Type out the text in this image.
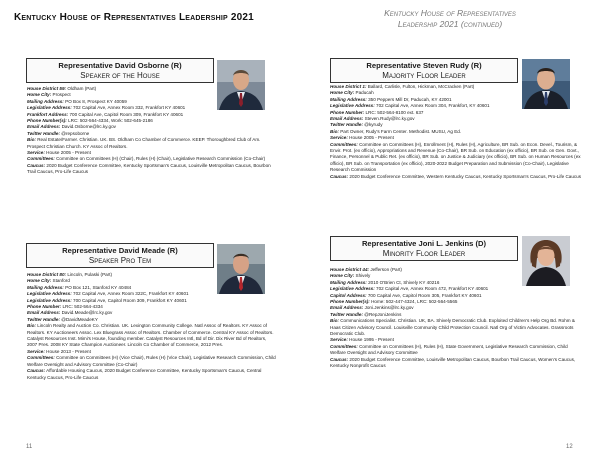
Kentucky House of Representatives Leadership 2021	Kentucky House of Representatives
Leadership 2021 (continued)
Representative David Osborne (R)
Speaker of the House
House District 59: Oldham (Part)
Home City: Prospect
Mailing Address: PO Box 8, Prospect KY 40059
Legislative Address: 702 Capital Ave, Annex Room 332, Frankfort KY 40601
Frankfort Address: 700 Capital Ave, Capitol Room 309, Frankfort KY 40601
Phone Number(s): LRC: 502-564-4334, Work: 502-645-2186
Email Address: David.Osborne@lrc.ky.gov
Twitter Handle: @repsoborne
Bio: Real Estate/Farmer. Christian. UK. BS. Oldham Co Chamber of Commerce. KEEP. Thoroughbred Club of Am. Prospect Christian Church. KY Assoc of Realtors.
Service: House 2005 - Present
Committees: Committee on Committees (H) (Chair), Rules (H) (Chair), Legislative Research Commission (Co-Chair)
Caucus: 2020 Budget Conference Committee, Kentucky Sportsman's Caucus, Louisville Metropolitan Caucus, Bourbon Trail Caucus, Pro-Life Caucus
Representative David Meade (R)
Speaker Pro Tem
House District 80: Lincoln, Pulaski (Part)
Home City: Stanford
Mailing Address: PO Box 121, Stanford KY 40484
Legislative Address: 702 Capital Ave, Annex Room 322C, Frankfort KY 40601
Legislative Address: 700 Capital Ave, Capitol Room 309, Frankfort KY 40601
Phone Number: LRC: 502-564-4334
Email Address: David.Meade@lrc.ky.gov
Twitter Handle: @DavidMeadeKY
Bio: Lincoln Realty and Auction Co. Christian. UK. Lexington Community College. Natl Assoc of Realtors. KY Assoc of Realtors. KY Auctioneers Assoc. Lex Bluegrass Assoc of Realtors. Chamber of Commerce. Central KY Assoc of Realtors. Catalyst Resources Inst. Mimi's House, founding member. Catalyst Resources Intl, Bd of Dir. Dix River Bd of Realtors, 2007 Pres. 2008 KY State Champion Auctioneer. Lincoln Co Chamber of Commerce, 2012 Pres.
Service: House 2013 - Present
Committees: Committee on Committees (H) (Vice Chair), Rules (H) (Vice Chair), Legislative Research Commission, Child Welfare Oversight and Advisory Committee (Co-Chair)
Caucus: Affordable Housing Caucus, 2020 Budget Conference Committee, Kentucky Sportsman's Caucus, Central Kentucky Caucus, Pro-Life Caucus
Representative Steven Rudy (R)
Majority Floor Leader
House District 1: Ballard, Carlisle, Fulton, Hickman, McCracken (Part)
Home City: Paducah
Mailing Address: 350 Peppers Mill Dr, Paducah, KY 42001
Legislative Address: 702 Capital Ave, Annex Room 304, Frankfort, KY 40601
Phone Number: LRC: 502-564-8100 ext. 637
Email Address: Steven.Rudy@lrc.ky.gov
Twitter Handle: @kyrudy
Bio: Part Owner, Rudy's Farm Center. Methodist. MUSU, Ag Ed.
Service: House 2005 - Present
Committees: Committee on Committees (H), Enrollment (H), Rules (H), Agriculture, BR Sub. on Econ. Devel., Tourism, & Envir. Prot. (ex officio), Appropriations and Revenue (Co-Chair), BR Sub. on Education (ex officio), BR Sub. on Gen. Govt., Finance, Personnel & Public Ret. (ex officio), BR Sub. on Justice & Judiciary (ex officio), BR Sub. on Human Resources (ex officio), BR Sub. on Transportation (ex officio), 2020-2022 Budget Preparation and Submission (Co-Chair), Legislative Research Commission
Caucus: 2020 Budget Conference Committee, Western Kentucky Caucus, Kentucky Sportsman's Caucus, Pro-Life Caucus
Representative Joni L. Jenkins (D)
Minority Floor Leader
House District 44: Jefferson (Part)
Home City: Shively
Mailing Address: 2010 O'Brien Ct, Shively KY 40216
Legislative Address: 702 Capital Ave, Annex Room 472, Frankfort KY 40601
Capitol Address: 700 Capital Ave, Capitol Room 305, Frankfort KY 40601
Phone Number(s): Home: 502-447-4324, LRC: 502-564-5565
Email Address: Joni.Jenkins@lrc.ky.gov
Twitter Handle: @RepJoniJenkins
Bio: Communications Specialist. Christian. UK, BA. Shively Democratic Club. Exploited Children's Help Org Bd. Rohm & Haas Citizen Advisory Council. Louisville Community Child Protection Council. Natl Org of Victim Advocates. Grassroots Democratic Club.
Service: House 1995 - Present
Committees: Committee on Committees (H), Rules (H), State Government, Legislative Research Commission, Child Welfare Oversight and Advisory Committee
Caucus: 2020 Budget Conference Committee, Louisville Metropolitan Caucus, Bourbon Trail Caucus, Women's Caucus, Kentucky Nonprofit Caucus
11	12
